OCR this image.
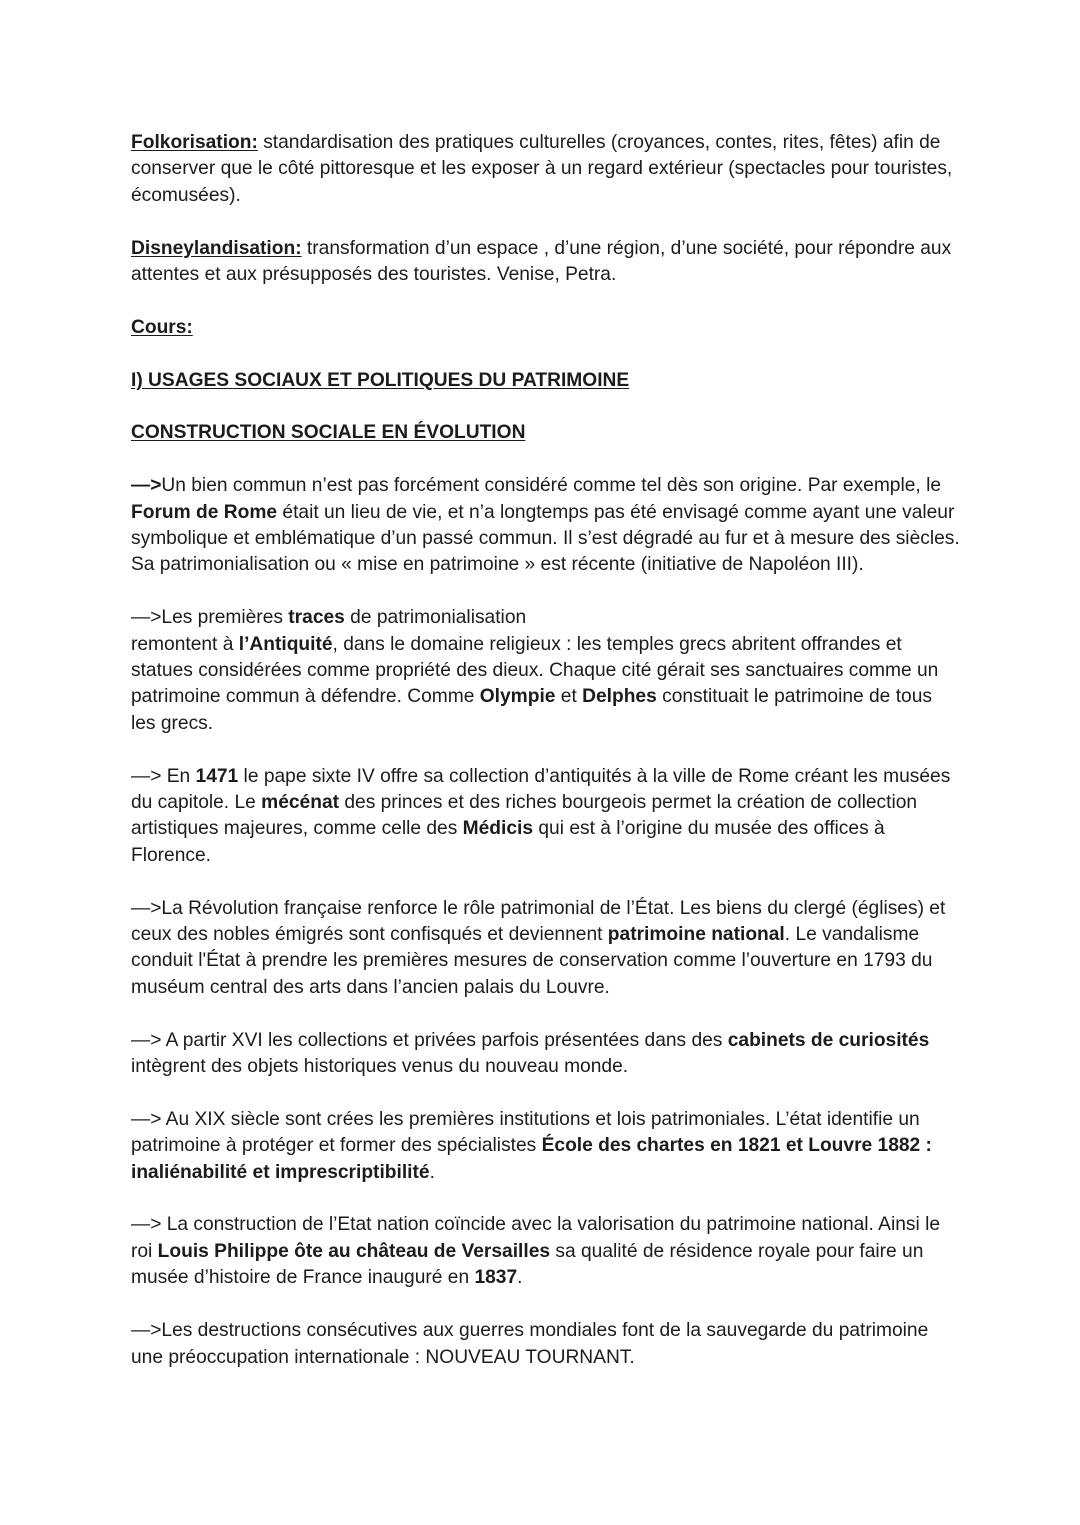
Folkorisation: standardisation des pratiques culturelles (croyances, contes, rites, fêtes) afin de conserver que le côté pittoresque et les exposer à un regard extérieur (spectacles pour touristes, écomusées).

Disneylandisation: transformation d’un espace , d’une région, d’une société, pour répondre aux attentes et aux présupposés des touristes. Venise, Petra.

Cours:

I) USAGES SOCIAUX ET POLITIQUES DU PATRIMOINE

CONSTRUCTION SOCIALE EN ÉVOLUTION

—>Un bien commun n’est pas forcément considéré comme tel dès son origine. Par exemple, le Forum de Rome était un lieu de vie, et n’a longtemps pas été envisagé comme ayant une valeur symbolique et emblématique d’un passé commun. Il s’est dégradé au fur et à mesure des siècles. Sa patrimonialisation ou « mise en patrimoine » est récente (initiative de Napoléon III).

—>Les premières traces de patrimonialisation
remontent à l’Antiquité, dans le domaine religieux : les temples grecs abritent offrandes et statues considérées comme propriété des dieux. Chaque cité gérait ses sanctuaires comme un patrimoine commun à défendre. Comme Olympie et Delphes constituait le patrimoine de tous les grecs.

—> En 1471 le pape sixte IV offre sa collection d’antiquités à la ville de Rome créant les musées du capitole. Le mécénat des princes et des riches bourgeois permet la création de collection artistiques majeures, comme celle des Médicis qui est à l’origine du musée des offices à Florence.

—>La Révolution française renforce le rôle patrimonial de l’État. Les biens du clergé (églises) et ceux des nobles émigrés sont confisqués et deviennent patrimoine national. Le vandalisme conduit l'État à prendre les premières mesures de conservation comme l’ouverture en 1793 du muséum central des arts dans l’ancien palais du Louvre.

—> A partir XVI les collections et privées parfois présentées dans des cabinets de curiosités intègrent des objets historiques venus du nouveau monde.

—> Au XIX siècle sont crées les premières institutions et lois patrimoniales. L’état identifie un patrimoine à protéger et former des spécialistes École des chartes en 1821 et Louvre 1882 : inaliénabilité et imprescriptibilité.

—> La construction de l’Etat nation coïncide avec la valorisation du patrimoine national. Ainsi le roi Louis Philippe ôte au château de Versailles sa qualité de résidence royale pour faire un musée d’histoire de France inauguré en 1837.

—>Les destructions consécutives aux guerres mondiales font de la sauvegarde du patrimoine une préoccupation internationale : NOUVEAU TOURNANT.
